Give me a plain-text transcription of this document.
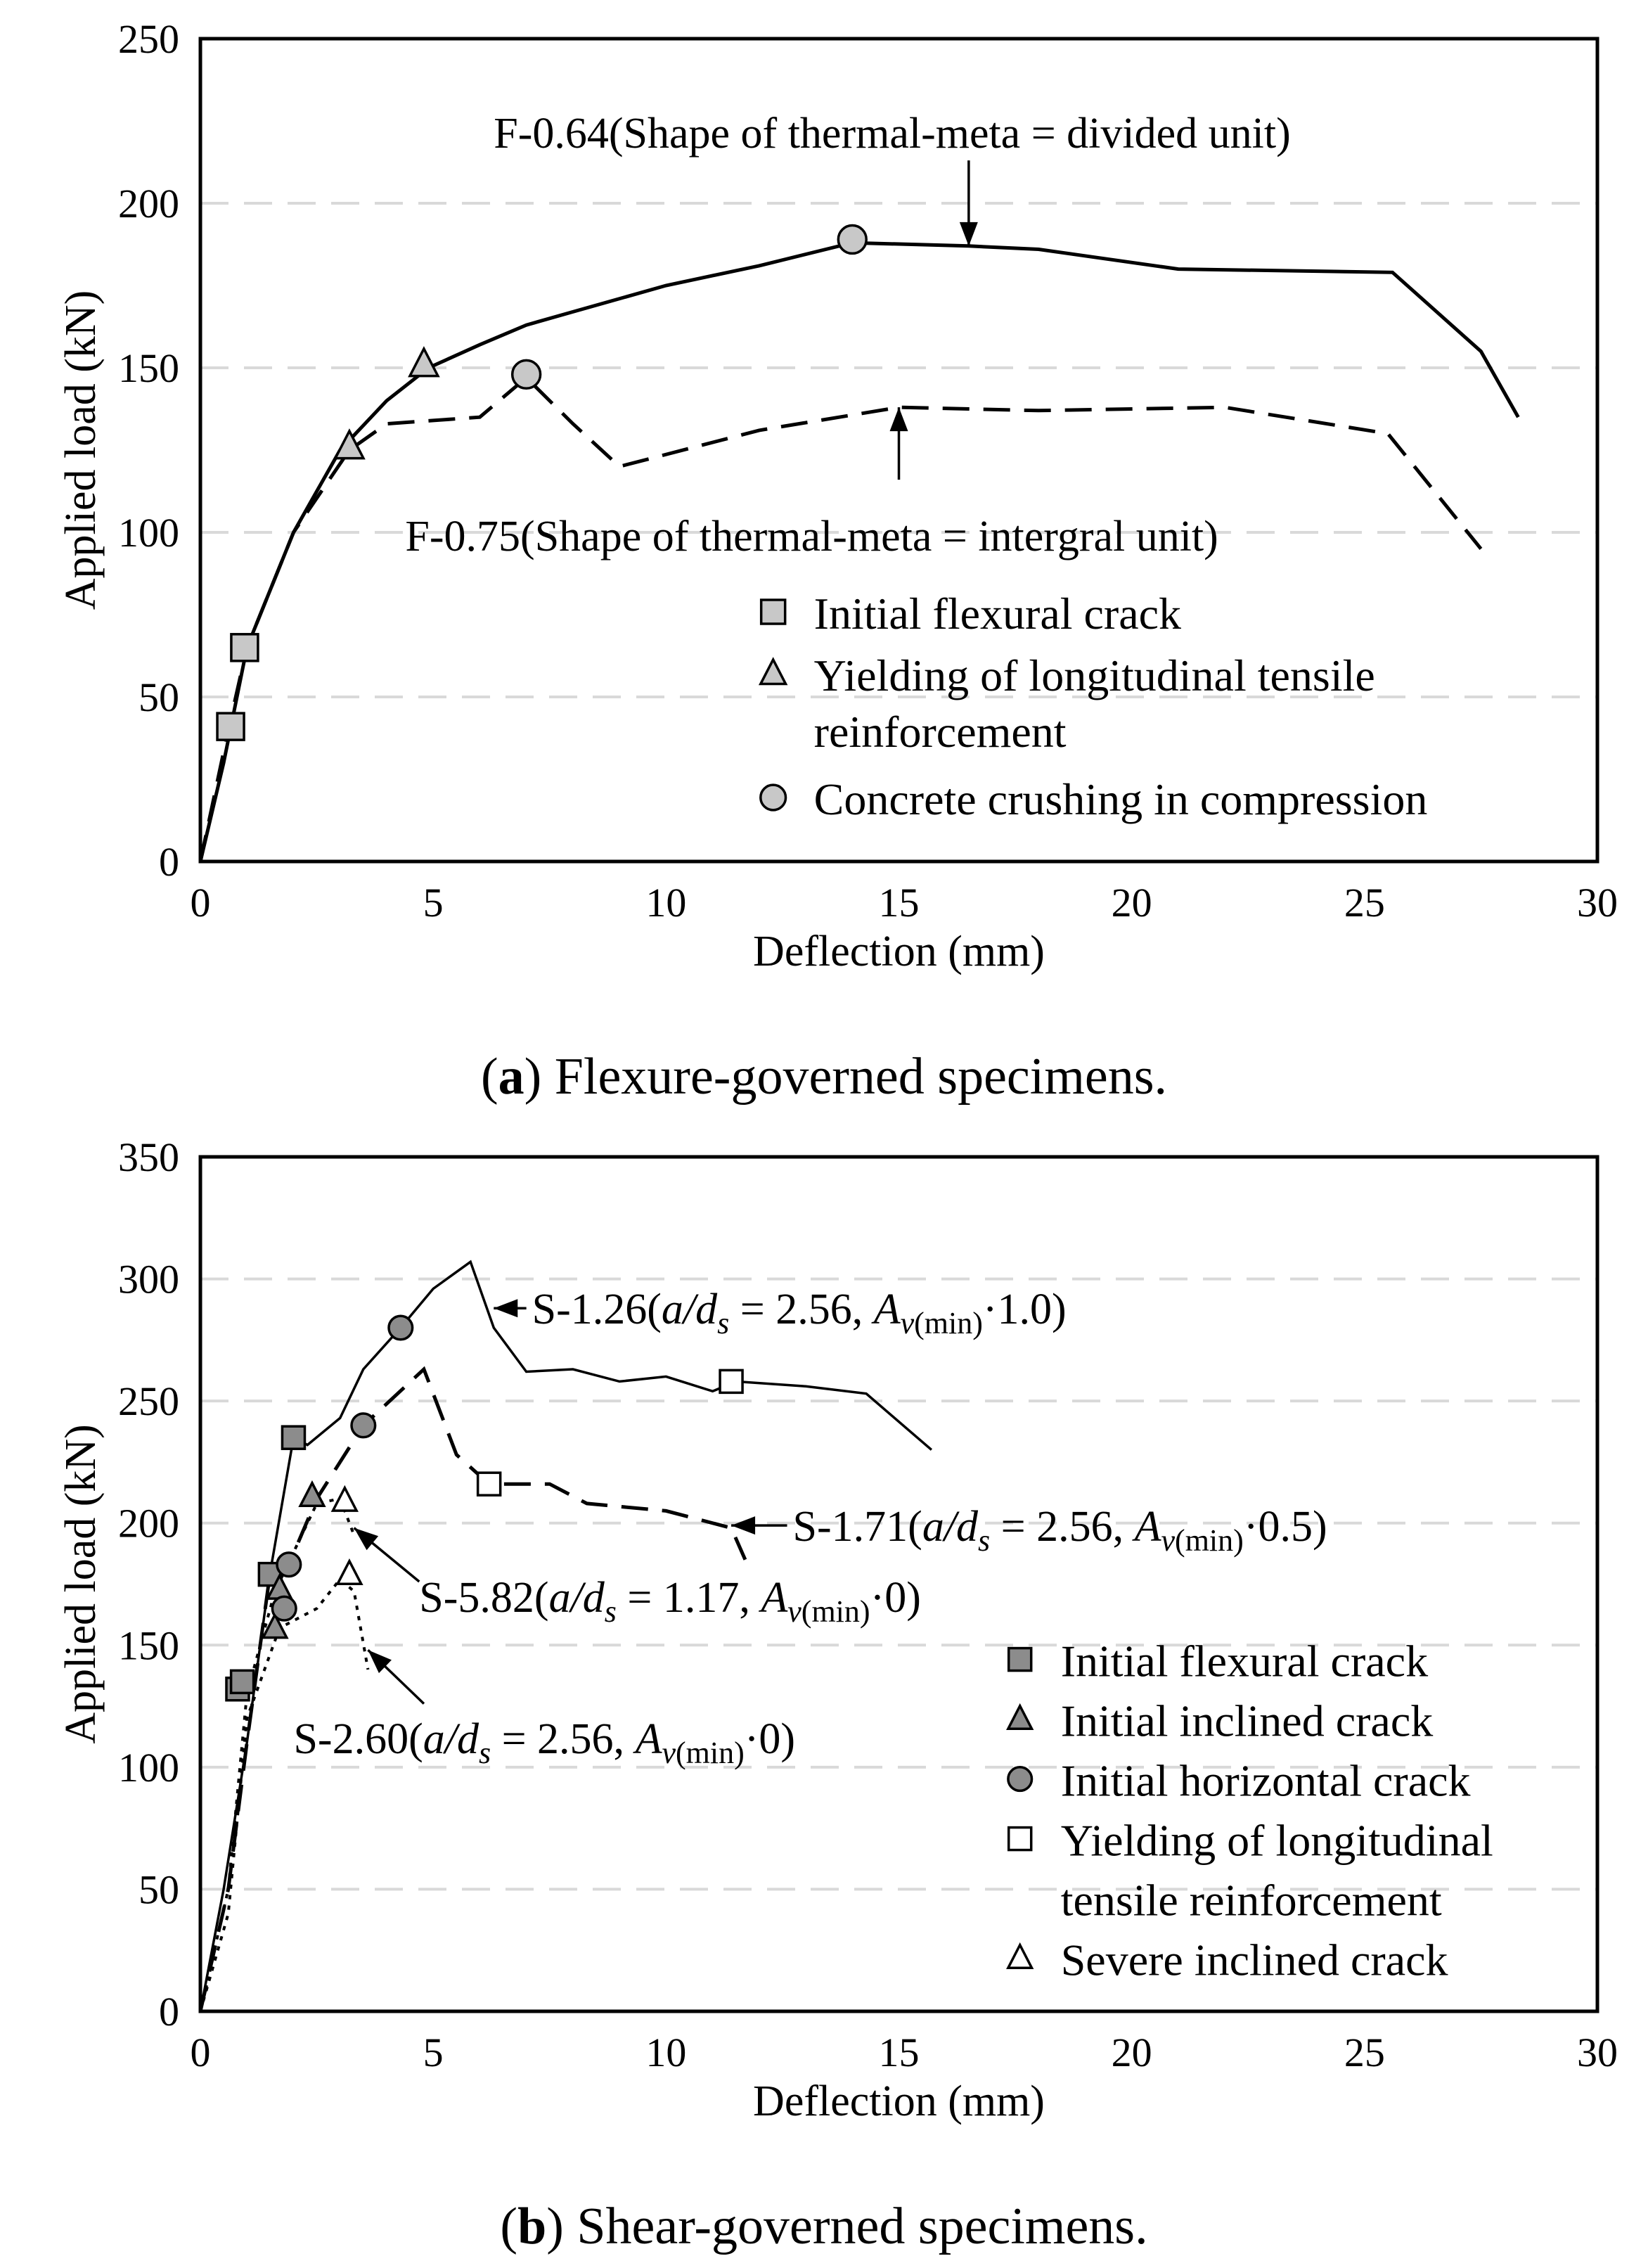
0	5	10	15	20	25	30
0
50
100
150
200
250
Deflection (mm)
Applied load (kN)
F-0.64(Shape of thermal-meta = divided unit)
F-0.75(Shape of thermal-meta = intergral unit)
Initial flexural crack
Yielding of longitudinal tensile
reinforcement
Concrete crushing in compression
(a) Flexure-governed specimens.
0	5	10	15	20	25	30
0
50
100
150
200
250
300
350
Deflection (mm)
Applied load (kN)
$S-1.26(a/d_s = 2.56$, $A_v(\min)\cdot 1.0$)
$S-1.71(a/d_s = 2.56$, $A_v(\min)\cdot 0.5$)
$S-5.82(a/d_s = 1.17$, $A_v(\min)\cdot 0$)
$S-2.60(a/d_s = 2.56$, $A_v(\min)\cdot 0$)
Initial flexural crack
Initial inclined crack
Initial horizontal crack
Yielding of longitudinal
tensile reinforcement
Severe inclined crack
(b) Shear-governed specimens.
